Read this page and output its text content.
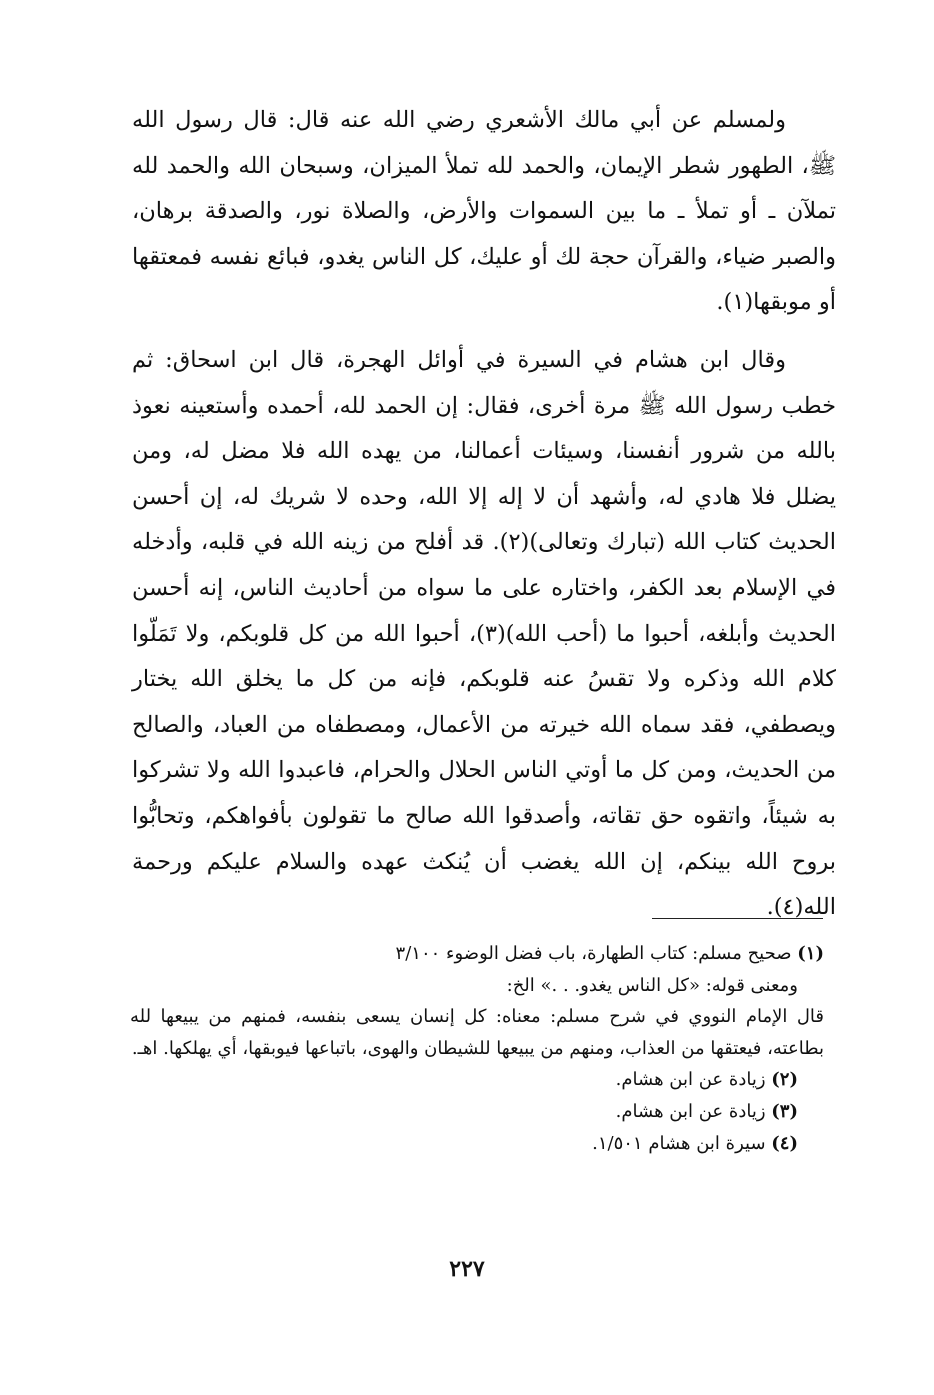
ولمسلم عن أبي مالك الأشعري رضي الله عنه قال: قال رسول الله ﷺ، الطهور شطر الإيمان، والحمد لله تملأ الميزان، وسبحان الله والحمد لله تملآن ـ أو تملأ ـ ما بين السموات والأرض، والصلاة نور، والصدقة برهان، والصبر ضياء، والقرآن حجة لك أو عليك، كل الناس يغدو، فبائع نفسه فمعتقها أو موبقها(١).

وقال ابن هشام في السيرة في أوائل الهجرة، قال ابن اسحاق: ثم خطب رسول الله ﷺ مرة أخرى، فقال: إن الحمد لله، أحمده وأستعينه نعوذ بالله من شرور أنفسنا، وسيئات أعمالنا، من يهده الله فلا مضل له، ومن يضلل فلا هادي له، وأشهد أن لا إله إلا الله، وحده لا شريك له، إن أحسن الحديث كتاب الله (تبارك وتعالى)(٢). قد أفلح من زينه الله في قلبه، وأدخله في الإسلام بعد الكفر، واختاره على ما سواه من أحاديث الناس، إنه أحسن الحديث وأبلغه، أحبوا ما (أحب الله)(٣)، أحبوا الله من كل قلوبكم، ولا تَمَلّوا كلام الله وذكره ولا تقسُ عنه قلوبكم، فإنه من كل ما يخلق الله يختار ويصطفي، فقد سماه الله خيرته من الأعمال، ومصطفاه من العباد، والصالح من الحديث، ومن كل ما أوتي الناس الحلال والحرام، فاعبدوا الله ولا تشركوا به شيئاً، واتقوه حق تقاته، وأصدقوا الله صالح ما تقولون بأفواهكم، وتحابُّوا بروح الله بينكم، إن الله يغضب أن يُنكث عهده والسلام عليكم ورحمة الله(٤).

(١) صحيح مسلم: كتاب الطهارة، باب فضل الوضوء ٣/١٠٠

ومعنى قوله: «كل الناس يغدو. . .» الخ:

قال الإمام النووي في شرح مسلم: معناه: كل إنسان يسعى بنفسه، فمنهم من يبيعها لله بطاعته، فيعتقها من العذاب، ومنهم من يبيعها للشيطان والهوى، باتباعها فيوبقها، أي يهلكها. اهـ.

(٢) زيادة عن ابن هشام.

(٣) زيادة عن ابن هشام.

(٤) سيرة ابن هشام ١/٥٠١.

٢٢٧
